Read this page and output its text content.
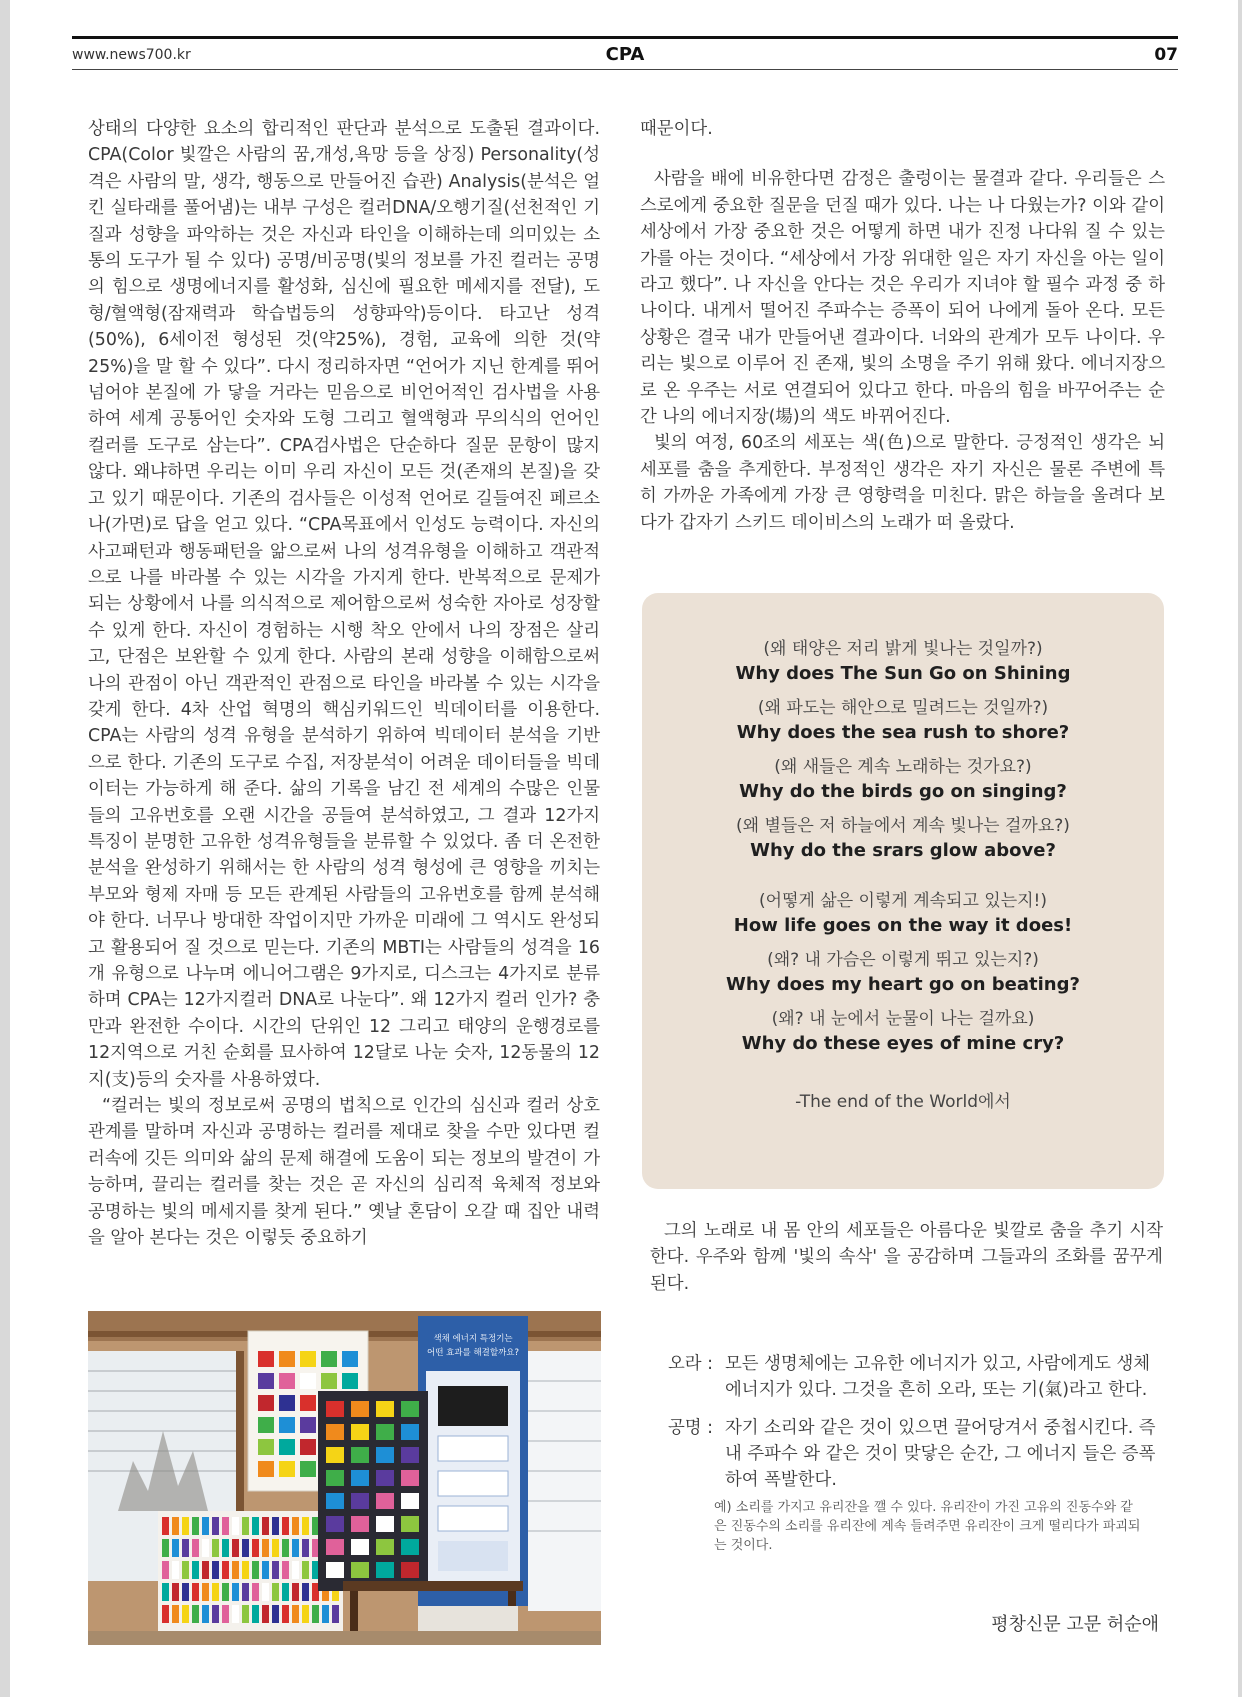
www.news700.kr	CPA	07

상태의 다양한 요소의 합리적인 판단과 분석으로 도출된 결과이다. CPA(Color 빛깔은 사람의 꿈,개성,욕망 등을 상징) Personality(성격은 사람의 말, 생각, 행동으로 만들어진 습관) Analysis(분석은 얼킨 실타래를 풀어냄)는 내부 구성은 컬러DNA/오행기질(선천적인 기질과 성향을 파악하는 것은 자신과 타인을 이해하는데 의미있는 소통의 도구가 될 수 있다) 공명/비공명(빛의 정보를 가진 컬러는 공명의 힘으로 생명에너지를 활성화, 심신에 필요한 메세지를 전달), 도형/혈액형(잠재력과 학습법등의 성향파악)등이다. 타고난 성격(50%), 6세이전 형성된 것(약25%), 경험, 교육에 의한 것(약 25%)을 말 할 수 있다”. 다시 정리하자면 “언어가 지닌 한계를 뛰어 넘어야 본질에 가 닿을 거라는 믿음으로 비언어적인 검사법을 사용하여 세계 공통어인 숫자와 도형 그리고 혈액형과 무의식의 언어인 컬러를 도구로 삼는다”. CPA검사법은 단순하다 질문 문항이 많지 않다. 왜냐하면 우리는 이미 우리 자신이 모든 것(존재의 본질)을 갖고 있기 때문이다. 기존의 검사들은 이성적 언어로 길들여진 페르소나(가면)로 답을 얻고 있다. “CPA목표에서 인성도 능력이다. 자신의 사고패턴과 행동패턴을 앎으로써 나의 성격유형을 이해하고 객관적으로 나를 바라볼 수 있는 시각을 가지게 한다. 반복적으로 문제가 되는 상황에서 나를 의식적으로 제어함으로써 성숙한 자아로 성장할 수 있게 한다. 자신이 경험하는 시행 착오 안에서 나의 장점은 살리고, 단점은 보완할 수 있게 한다. 사람의 본래 성향을 이해함으로써 나의 관점이 아닌 객관적인 관점으로 타인을 바라볼 수 있는 시각을 갖게 한다. 4차 산업 혁명의 핵심키워드인 빅데이터를 이용한다. CPA는 사람의 성격 유형을 분석하기 위하여 빅데이터 분석을 기반으로 한다. 기존의 도구로 수집, 저장분석이 어려운 데이터들을 빅데이터는 가능하게 해 준다. 삶의 기록을 남긴 전 세계의 수많은 인물들의 고유번호를 오랜 시간을 공들여 분석하였고, 그 결과 12가지 특징이 분명한 고유한 성격유형들을 분류할 수 있었다. 좀 더 온전한 분석을 완성하기 위해서는 한 사람의 성격 형성에 큰 영향을 끼치는 부모와 형제 자매 등 모든 관계된 사람들의 고유번호를 함께 분석해야 한다. 너무나 방대한 작업이지만 가까운 미래에 그 역시도 완성되고 활용되어 질 것으로 믿는다. 기존의 MBTI는 사람들의 성격을 16개 유형으로 나누며 에니어그램은 9가지로, 디스크는 4가지로 분류하며 CPA는 12가지컬러 DNA로 나눈다”. 왜 12가지 컬러 인가? 충만과 완전한 수이다. 시간의 단위인 12 그리고 태양의 운행경로를 12지역으로 거친 순회를 묘사하여 12달로 나눈 숫자, 12동물의 12지(支)등의 숫자를 사용하였다.

“컬러는 빛의 정보로써 공명의 법칙으로 인간의 심신과 컬러 상호관계를 말하며 자신과 공명하는 컬러를 제대로 찾을 수만 있다면 컬러속에 깃든 의미와 삶의 문제 해결에 도움이 되는 정보의 발견이 가능하며, 끌리는 컬러를 찾는 것은 곧 자신의 심리적 육체적 정보와 공명하는 빛의 메세지를 찾게 된다.” 옛날 혼담이 오갈 때 집안 내력을 알아 본다는 것은 이렇듯 중요하기

때문이다.

사람을 배에 비유한다면 감정은 출렁이는 물결과 같다. 우리들은 스스로에게 중요한 질문을 던질 때가 있다. 나는 나 다웠는가? 이와 같이 세상에서 가장 중요한 것은 어떻게 하면 내가 진정 나다워 질 수 있는가를 아는 것이다. “세상에서 가장 위대한 일은 자기 자신을 아는 일이라고 했다”. 나 자신을 안다는 것은 우리가 지녀야 할 필수 과정 중 하나이다. 내게서 떨어진 주파수는 증폭이 되어 나에게 돌아 온다. 모든 상황은 결국 내가 만들어낸 결과이다. 너와의 관계가 모두 나이다. 우리는 빛으로 이루어 진 존재, 빛의 소명을 주기 위해 왔다. 에너지장으로 온 우주는 서로 연결되어 있다고 한다. 마음의 힘을 바꾸어주는 순간 나의 에너지장(場)의 색도 바뀌어진다.

빛의 여정, 60조의 세포는 색(色)으로 말한다. 긍정적인 생각은 뇌 세포를 춤을 추게한다. 부정적인 생각은 자기 자신은 물론 주변에 특히 가까운 가족에게 가장 큰 영향력을 미친다. 맑은 하늘을 올려다 보다가 갑자기 스키드 데이비스의 노래가 떠 올랐다.

(왜 태양은 저리 밝게 빛나는 것일까?)
Why does The Sun Go on Shining
(왜 파도는 해안으로 밀려드는 것일까?)
Why does the sea rush to shore?
(왜 새들은 계속 노래하는 것가요?)
Why do the birds go on singing?
(왜 별들은 저 하늘에서 계속 빛나는 걸까요?)
Why do the srars glow above?
(어떻게 삶은 이렇게 계속되고 있는지!)
How life goes on the way it does!
(왜? 내 가슴은 이렇게 뛰고 있는지?)
Why does my heart go on beating?
(왜? 내 눈에서 눈물이 나는 걸까요)
Why do these eyes of mine cry?
-The end of the World에서
그의 노래로 내 몸 안의 세포들은 아름다운 빛깔로 춤을 추기 시작한다. 우주와 함께 '빛의 속삭' 을 공감하며 그들과의 조화를 꿈꾸게 된다.
색채 에너지 특정기는
어떤 효과를 해결할까요?
오라 : 모든 생명체에는 고유한 에너지가 있고, 사람에게도 생체 에너지가 있다. 그것을 흔히 오라, 또는 기(氣)라고 한다.
공명 : 자기 소리와 같은 것이 있으면 끌어당겨서 중첩시킨다. 즉 내 주파수 와 같은 것이 맞닿은 순간, 그 에너지 들은 증폭하여 폭발한다.
예) 소리를 가지고 유리잔을 깰 수 있다. 유리잔이 가진 고유의 진동수와 같은 진동수의 소리를 유리잔에 계속 들려주면 유리잔이 크게 떨리다가 파괴되는 것이다.
평창신문 고문 허순애
